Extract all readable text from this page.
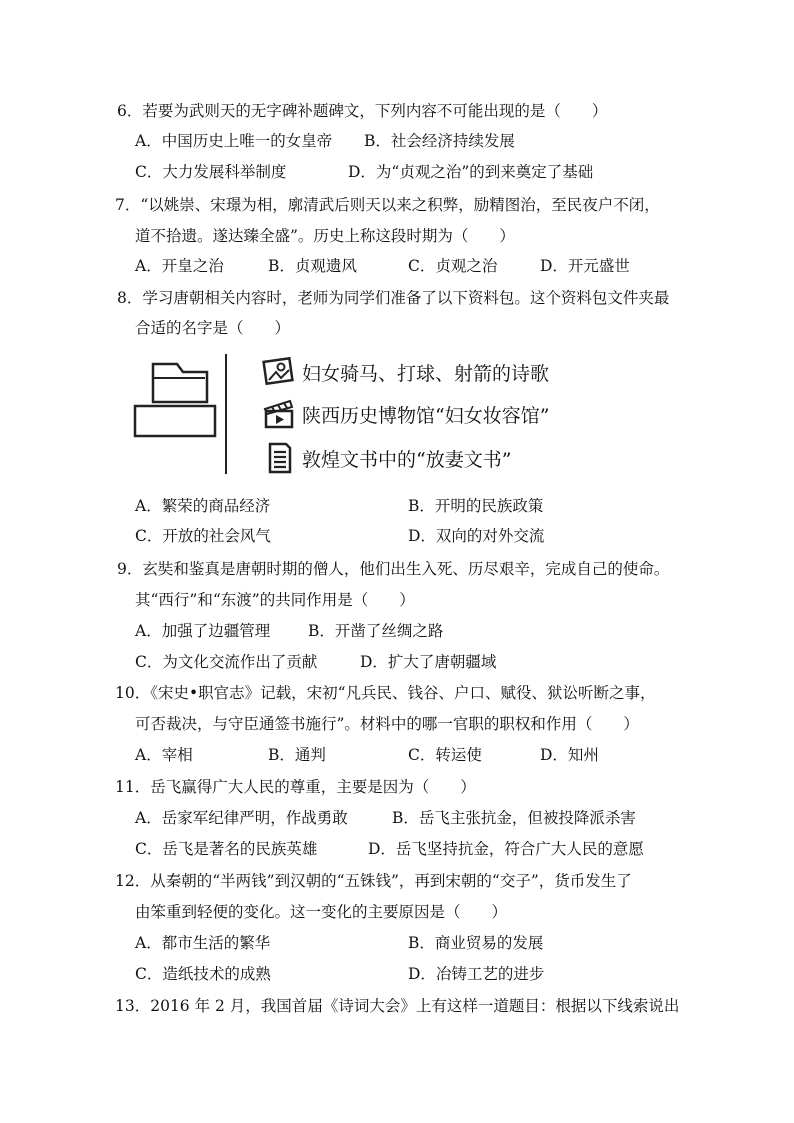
6．若要为武则天的无字碑补题碑文，下列内容不可能出现的是（　　）
A．中国历史上唯一的女皇帝 B．社会经济持续发展
C．大力发展科举制度	D．为“贞观之治”的到来奠定了基础
7．“以姚崇、宋璟为相，廓清武后则天以来之积弊，励精图治，至民夜户不闭，
道不拾遗。遂达臻全盛”。历史上称这段时期为（　　）
A．开皇之治	B．贞观遗风	C．贞观之治	D．开元盛世
8．学习唐朝相关内容时，老师为同学们准备了以下资料包。这个资料包文件夹最
合适的名字是（　　）
妇女骑马、打球、射箭的诗歌
陕西历史博物馆“妇女妆容馆”
敦煌文书中的“放妻文书”
A．繁荣的商品经济	B．开明的民族政策
C．开放的社会风气	D．双向的对外交流
9．玄奘和鉴真是唐朝时期的僧人，他们出生入死、历尽艰辛，完成自己的使命。
其“西行”和“东渡”的共同作用是（　　）
A．加强了边疆管理 B．开凿了丝绸之路
C．为文化交流作出了贡献	D．扩大了唐朝疆域
10．《宋史•职官志》记载，宋初“凡兵民、钱谷、户口、赋役、狱讼听断之事，
可否裁决，与守臣通签书施行”。材料中的哪一官职的职权和作用（　　）
A．宰相	B．通判	C．转运使	D．知州
11．岳飞赢得广大人民的尊重，主要是因为（　　）
A．岳家军纪律严明，作战勇敢	B．岳飞主张抗金，但被投降派杀害
C．岳飞是著名的民族英雄	D．岳飞坚持抗金，符合广大人民的意愿
12．从秦朝的“半两钱”到汉朝的“五铢钱”，再到宋朝的“交子”，货币发生了
由笨重到轻便的变化。这一变化的主要原因是（　　）
A．都市生活的繁华	B．商业贸易的发展
C．造纸技术的成熟	D．冶铸工艺的进步
13．2016 年 2 月，我国首届《诗词大会》上有这样一道题目：根据以下线索说出
